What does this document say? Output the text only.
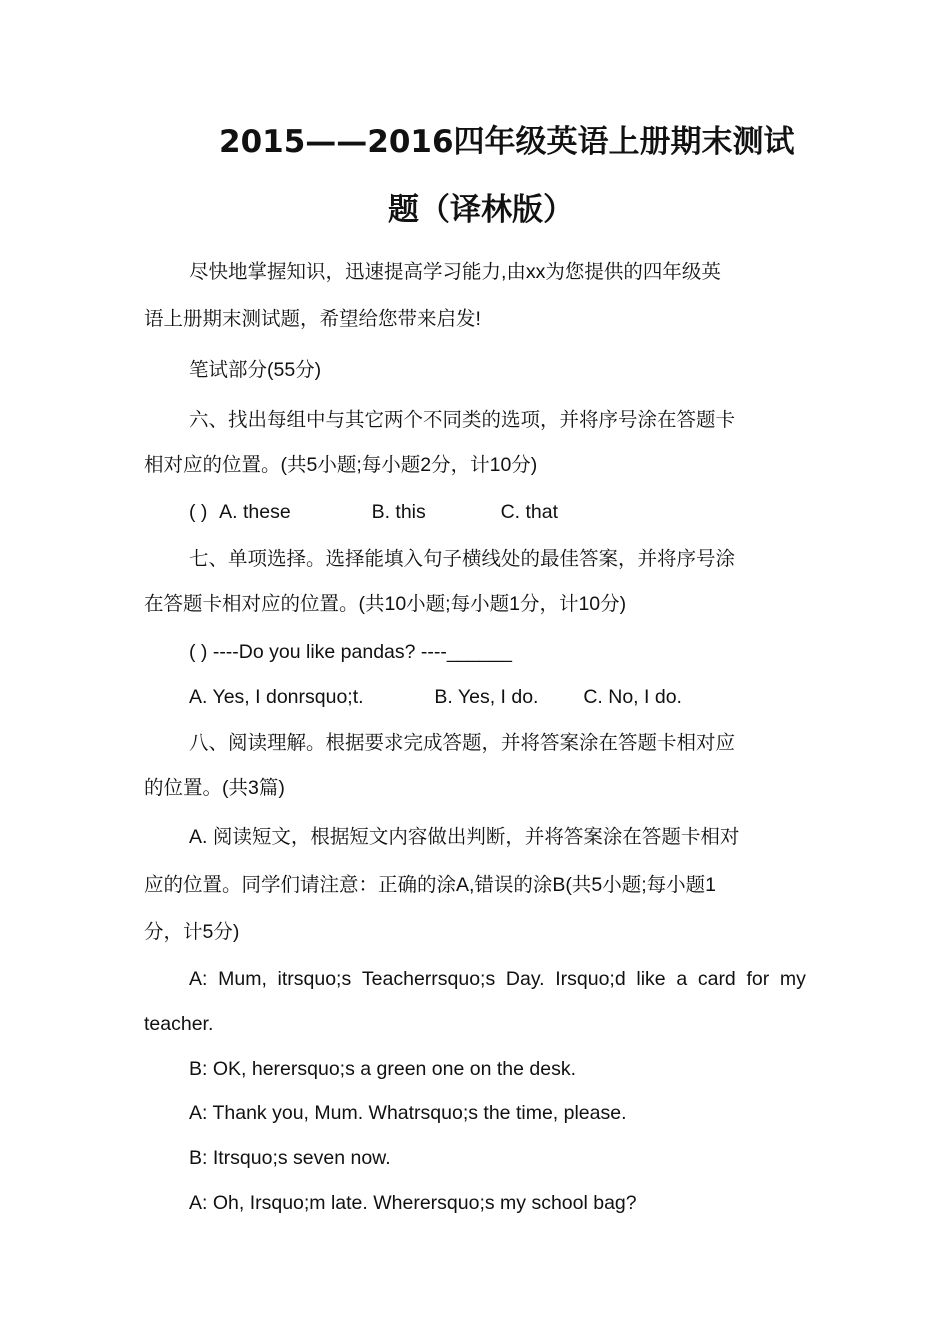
2015——2016四年级英语上册期末测试
题（译林版）
尽快地掌握知识，迅速提高学习能力,由xx为您提供的四年级英
语上册期末测试题，希望给您带来启发!
笔试部分(55分)
六、找出每组中与其它两个不同类的选项，并将序号涂在答题卡
相对应的位置。(共5小题;每小题2分，计10分)
( ) A. these	B. this	C. that
七、单项选择。选择能填入句子横线处的最佳答案，并将序号涂
在答题卡相对应的位置。(共10小题;每小题1分，计10分)
( ) ----Do you like pandas? ----______
A. Yes, I donrsquo;t.	B. Yes, I do. C. No, I do.
八、阅读理解。根据要求完成答题，并将答案涂在答题卡相对应
的位置。(共3篇)
A. 阅读短文，根据短文内容做出判断，并将答案涂在答题卡相对
应的位置。同学们请注意：正确的涂A,错误的涂B(共5小题;每小题1
分，计5分)
A: Mum, itrsquo;s Teacherrsquo;s Day. Irsquo;d like a card for my
teacher.
B: OK, herersquo;s a green one on the desk.
A: Thank you, Mum. Whatrsquo;s the time, please.
B: Itrsquo;s seven now.
A: Oh, Irsquo;m late. Wherersquo;s my school bag?
